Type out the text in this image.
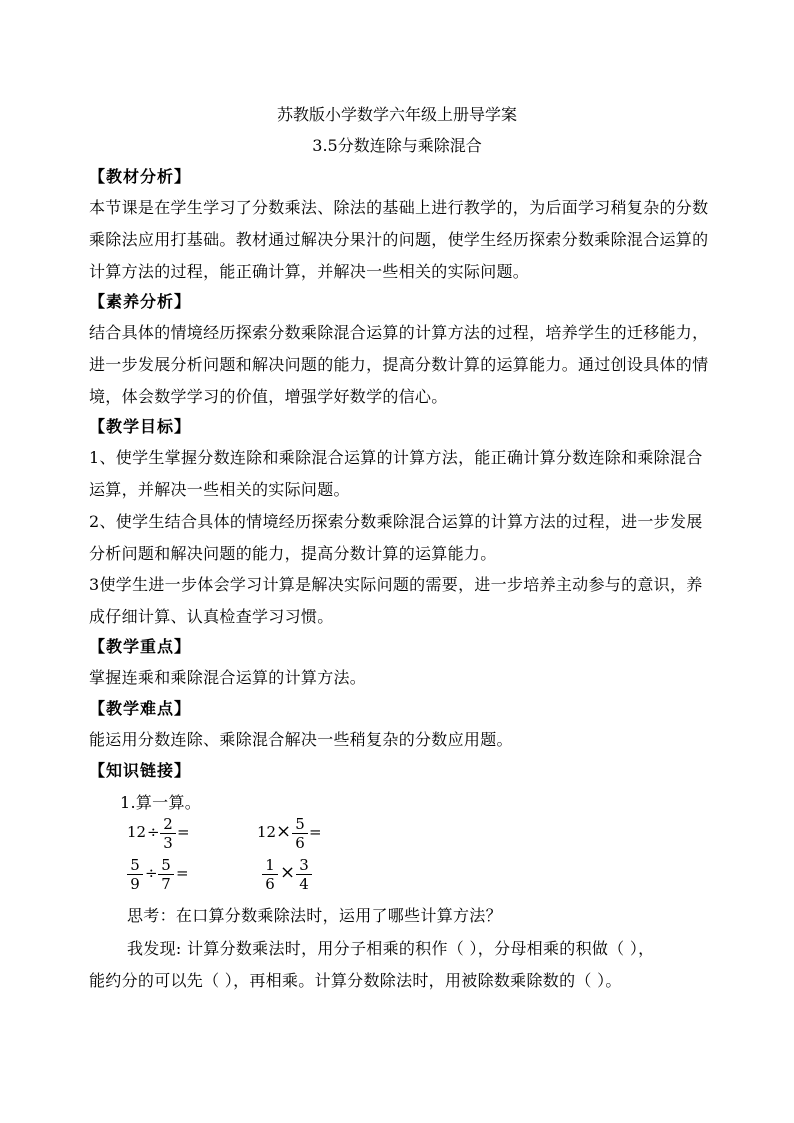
苏教版小学数学六年级上册导学案
3.5分数连除与乘除混合
【教材分析】
本节课是在学生学习了分数乘法、除法的基础上进行教学的，为后面学习稍复杂的分数
乘除法应用打基础。教材通过解决分果汁的问题，使学生经历探索分数乘除混合运算的
计算方法的过程，能正确计算，并解决一些相关的实际问题。
【素养分析】
结合具体的情境经历探索分数乘除混合运算的计算方法的过程，培养学生的迁移能力，
进一步发展分析问题和解决问题的能力，提高分数计算的运算能力。通过创设具体的情
境，体会数学学习的价值，增强学好数学的信心。
【教学目标】
1、使学生掌握分数连除和乘除混合运算的计算方法，能正确计算分数连除和乘除混合
运算，并解决一些相关的实际问题。
2、使学生结合具体的情境经历探索分数乘除混合运算的计算方法的过程，进一步发展
分析问题和解决问题的能力，提高分数计算的运算能力。
3使学生进一步体会学习计算是解决实际问题的需要，进一步培养主动参与的意识，养
成仔细计算、认真检查学习习惯。
【教学重点】
掌握连乘和乘除混合运算的计算方法。
【教学难点】
能运用分数连除、乘除混合解决一些稍复杂的分数应用题。
【知识链接】
1.算一算。
$12 \div \frac{2}{3}$ =	$12 \times \frac{5}{6}$ =
$\frac{5}{9} \div \frac{5}{7}$ =	$\frac{1}{6} \times \frac{3}{4}$
思考：在口算分数乘除法时，运用了哪些计算方法？
我发现: 计算分数乘法时，用分子相乘的积作（ ），分母相乘的积做（ ），
能约分的可以先（ ），再相乘。计算分数除法时，用被除数乘除数的（ ）。
